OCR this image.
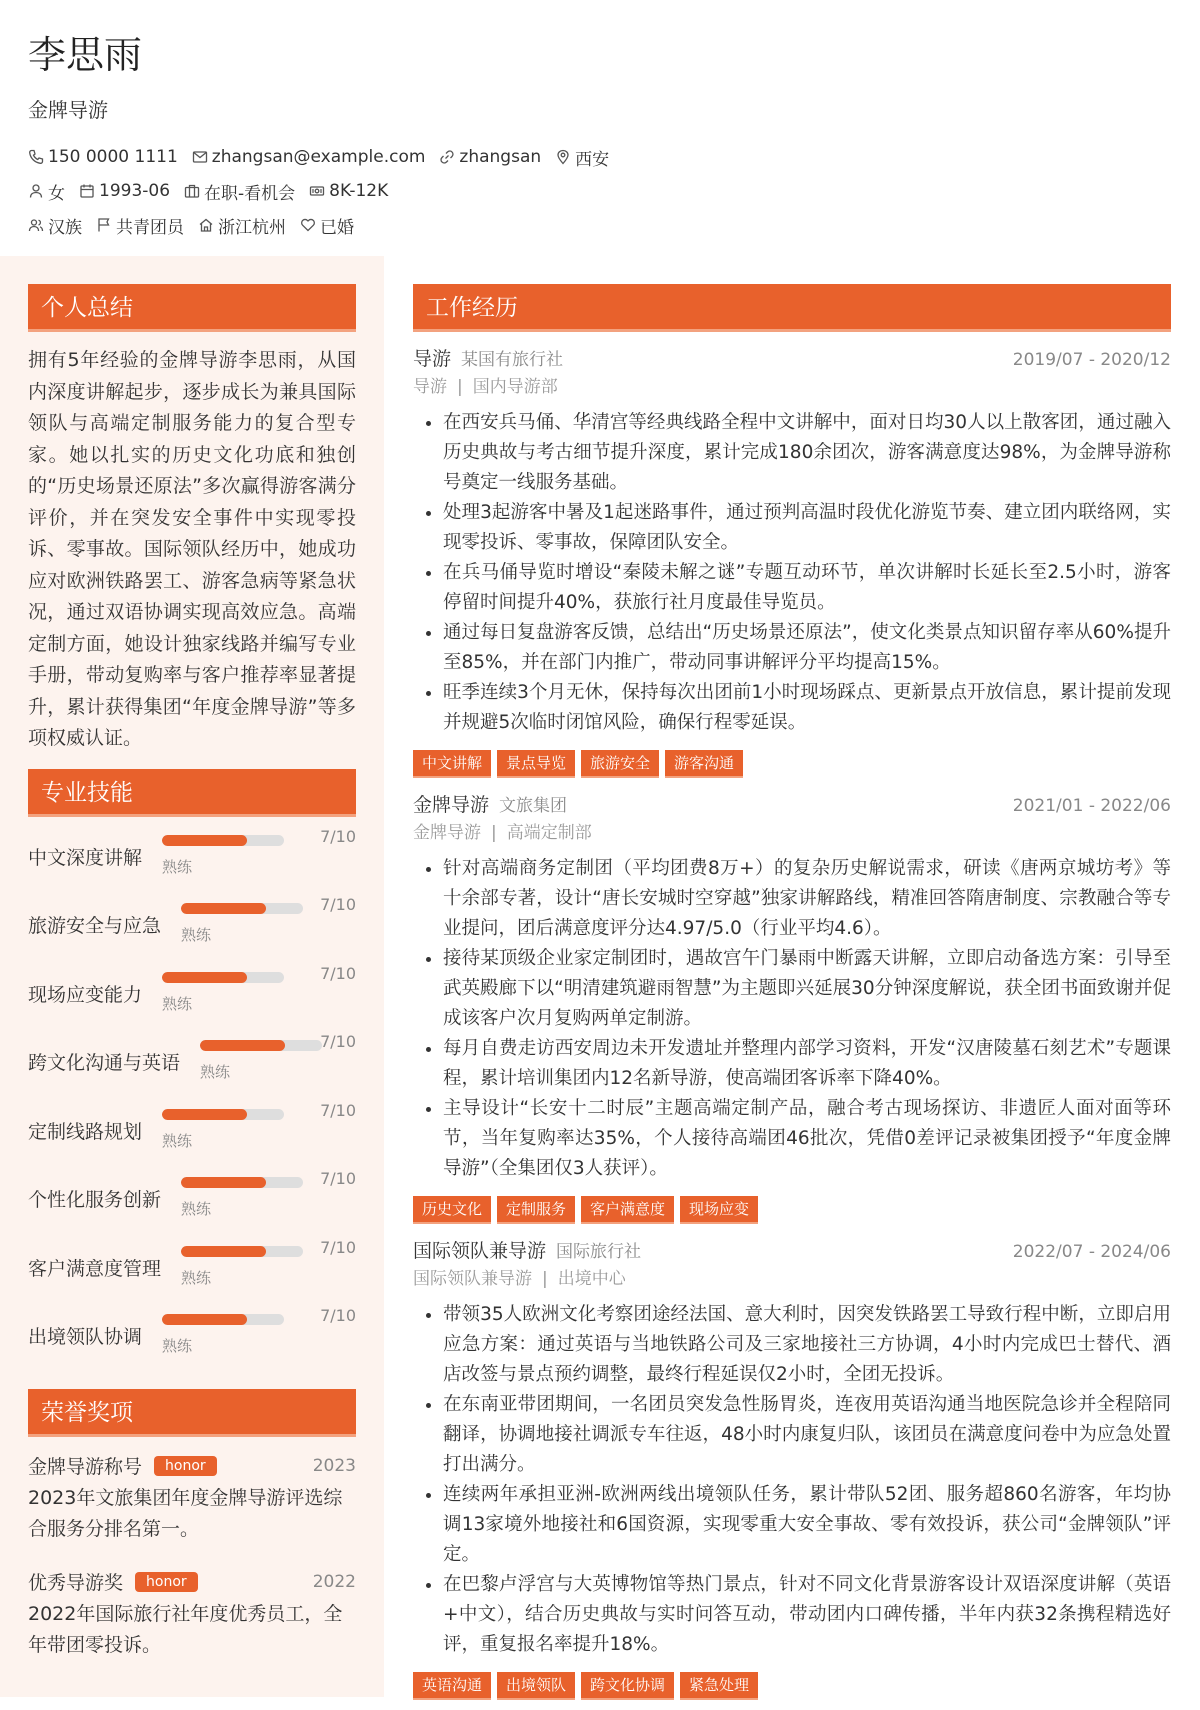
李思雨
金牌导游
150 0000 1111 zhangsan@example.com zhangsan 西安
女 1993-06 在职-看机会 8K-12K
汉族 共青团员 浙江杭州 已婚
个人总结
拥有5年经验的金牌导游李思雨，从国内深度讲解起步，逐步成长为兼具国际领队与高端定制服务能力的复合型专家。她以扎实的历史文化功底和独创的“历史场景还原法”多次赢得游客满分评价，并在突发安全事件中实现零投诉、零事故。国际领队经历中，她成功应对欧洲铁路罢工、游客急病等紧急状况，通过双语协调实现高效应急。高端定制方面，她设计独家线路并编写专业手册，带动复购率与客户推荐率显著提升，累计获得集团“年度金牌导游”等多项权威认证。
专业技能
中文深度讲解 熟练
7/10
旅游安全与应急 熟练
7/10
现场应变能力 熟练
7/10
跨文化沟通与英语 熟练
7/10
定制线路规划 熟练
7/10
个性化服务创新 熟练
7/10
客户满意度管理 熟练
7/10
出境领队协调 熟练
7/10
荣誉奖项
金牌导游称号	honor	2023
2023年文旅集团年度金牌导游评选综合服务分排名第一。
优秀导游奖	honor	2022
2022年国际旅行社年度优秀员工，全年带团零投诉。
工作经历
导游 某国有旅行社	2019/07 - 2020/12
导游 | 国内导游部
• 在西安兵马俑、华清宫等经典线路全程中文讲解中，面对日均30人以上散客团，通过融入历史典故与考古细节提升深度，累计完成180余团次，游客满意度达98%，为金牌导游称号奠定一线服务基础。
• 处理3起游客中暑及1起迷路事件，通过预判高温时段优化游览节奏、建立团内联络网，实现零投诉、零事故，保障团队安全。
• 在兵马俑导览时增设“秦陵未解之谜”专题互动环节，单次讲解时长延长至2.5小时，游客停留时间提升40%，获旅行社月度最佳导览员。
• 通过每日复盘游客反馈，总结出“历史场景还原法”，使文化类景点知识留存率从60%提升至85%，并在部门内推广，带动同事讲解评分平均提高15%。
• 旺季连续3个月无休，保持每次出团前1小时现场踩点、更新景点开放信息，累计提前发现并规避5次临时闭馆风险，确保行程零延误。
中文讲解	景点导览	旅游安全	游客沟通
金牌导游 文旅集团	2021/01 - 2022/06
金牌导游 | 高端定制部
• 针对高端商务定制团（平均团费8万+）的复杂历史解说需求，研读《唐两京城坊考》等十余部专著，设计“唐长安城时空穿越”独家讲解路线，精准回答隋唐制度、宗教融合等专业提问，团后满意度评分达4.97/5.0（行业平均4.6）。
• 接待某顶级企业家定制团时，遇故宫午门暴雨中断露天讲解，立即启动备选方案：引导至武英殿廊下以“明清建筑避雨智慧”为主题即兴延展30分钟深度解说，获全团书面致谢并促成该客户次月复购两单定制游。
• 每月自费走访西安周边未开发遗址并整理内部学习资料，开发“汉唐陵墓石刻艺术”专题课程，累计培训集团内12名新导游，使高端团客诉率下降40%。
• 主导设计“长安十二时辰”主题高端定制产品，融合考古现场探访、非遗匠人面对面等环节，当年复购率达35%，个人接待高端团46批次，凭借0差评记录被集团授予“年度金牌导游”（全集团仅3人获评）。
历史文化	定制服务	客户满意度	现场应变
国际领队兼导游 国际旅行社	2022/07 - 2024/06
国际领队兼导游 | 出境中心
• 带领35人欧洲文化考察团途经法国、意大利时，因突发铁路罢工导致行程中断，立即启用应急方案：通过英语与当地铁路公司及三家地接社三方协调，4小时内完成巴士替代、酒店改签与景点预约调整，最终行程延误仅2小时，全团无投诉。
• 在东南亚带团期间，一名团员突发急性肠胃炎，连夜用英语沟通当地医院急诊并全程陪同翻译，协调地接社调派专车往返，48小时内康复归队，该团员在满意度问卷中为应急处置打出满分。
• 连续两年承担亚洲-欧洲两线出境领队任务，累计带队52团、服务超860名游客，年均协调13家境外地接社和6国资源，实现零重大安全事故、零有效投诉，获公司“金牌领队”评定。
• 在巴黎卢浮宫与大英博物馆等热门景点，针对不同文化背景游客设计双语深度讲解（英语+中文），结合历史典故与实时问答互动，带动团内口碑传播，半年内获32条携程精选好评，重复报名率提升18%。
英语沟通	出境领队	跨文化协调	紧急处理
